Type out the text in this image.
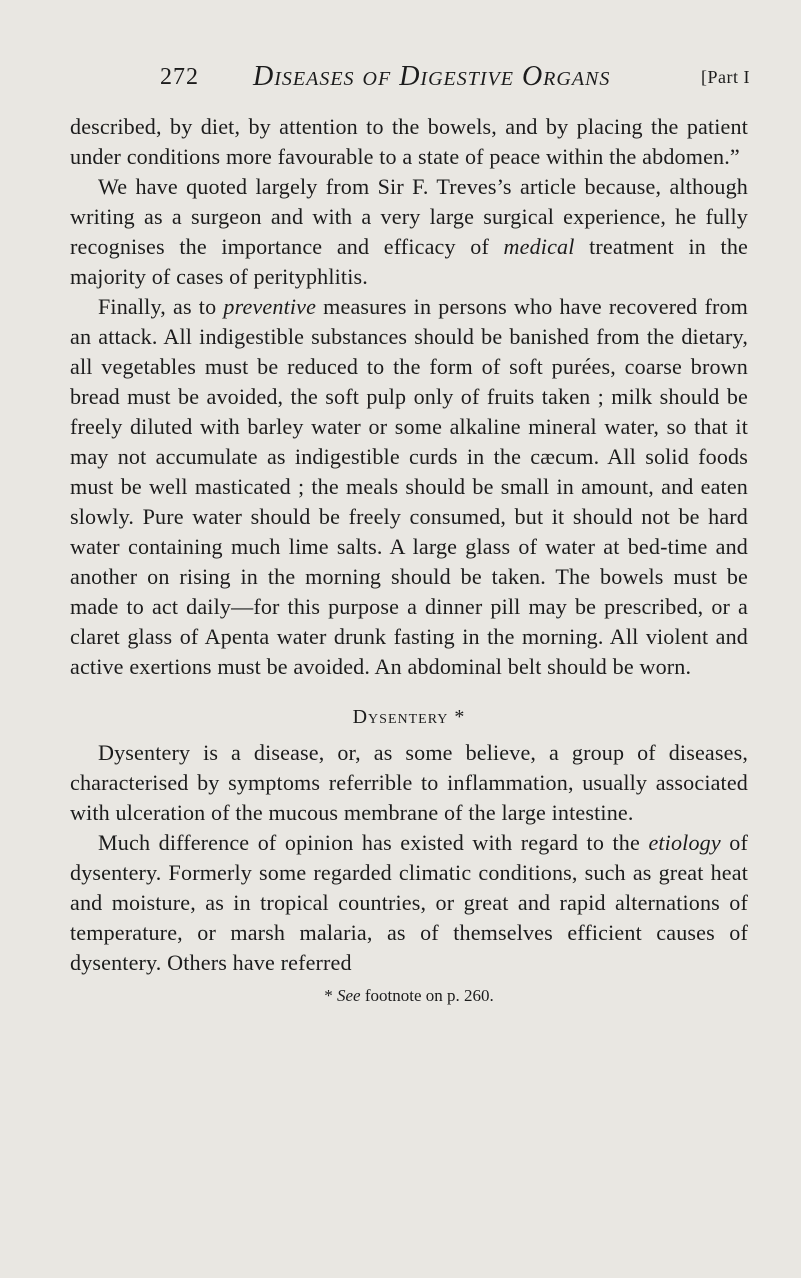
272 Diseases of Digestive Organs	[Part I

described, by diet, by attention to the bowels, and by placing the patient under conditions more favourable to a state of peace within the abdomen.”

We have quoted largely from Sir F. Treves’s article because, although writing as a surgeon and with a very large surgical experience, he fully recognises the importance and efficacy of medical treatment in the majority of cases of perityphlitis.

Finally, as to preventive measures in persons who have recovered from an attack. All indigestible substances should be banished from the dietary, all vegetables must be reduced to the form of soft purées, coarse brown bread must be avoided, the soft pulp only of fruits taken ; milk should be freely diluted with barley water or some alkaline mineral water, so that it may not accumulate as indigestible curds in the cæcum. All solid foods must be well masticated ; the meals should be small in amount, and eaten slowly. Pure water should be freely consumed, but it should not be hard water containing much lime salts. A large glass of water at bed-time and another on rising in the morning should be taken. The bowels must be made to act daily—for this purpose a dinner pill may be prescribed, or a claret glass of Apenta water drunk fasting in the morning. All violent and active exertions must be avoided. An abdominal belt should be worn.

Dysentery *

Dysentery is a disease, or, as some believe, a group of diseases, characterised by symptoms referrible to inflammation, usually associated with ulceration of the mucous membrane of the large intestine.

Much difference of opinion has existed with regard to the etiology of dysentery. Formerly some regarded climatic conditions, such as great heat and moisture, as in tropical countries, or great and rapid alternations of temperature, or marsh malaria, as of themselves efficient causes of dysentery. Others have referred

* See footnote on p. 260.
